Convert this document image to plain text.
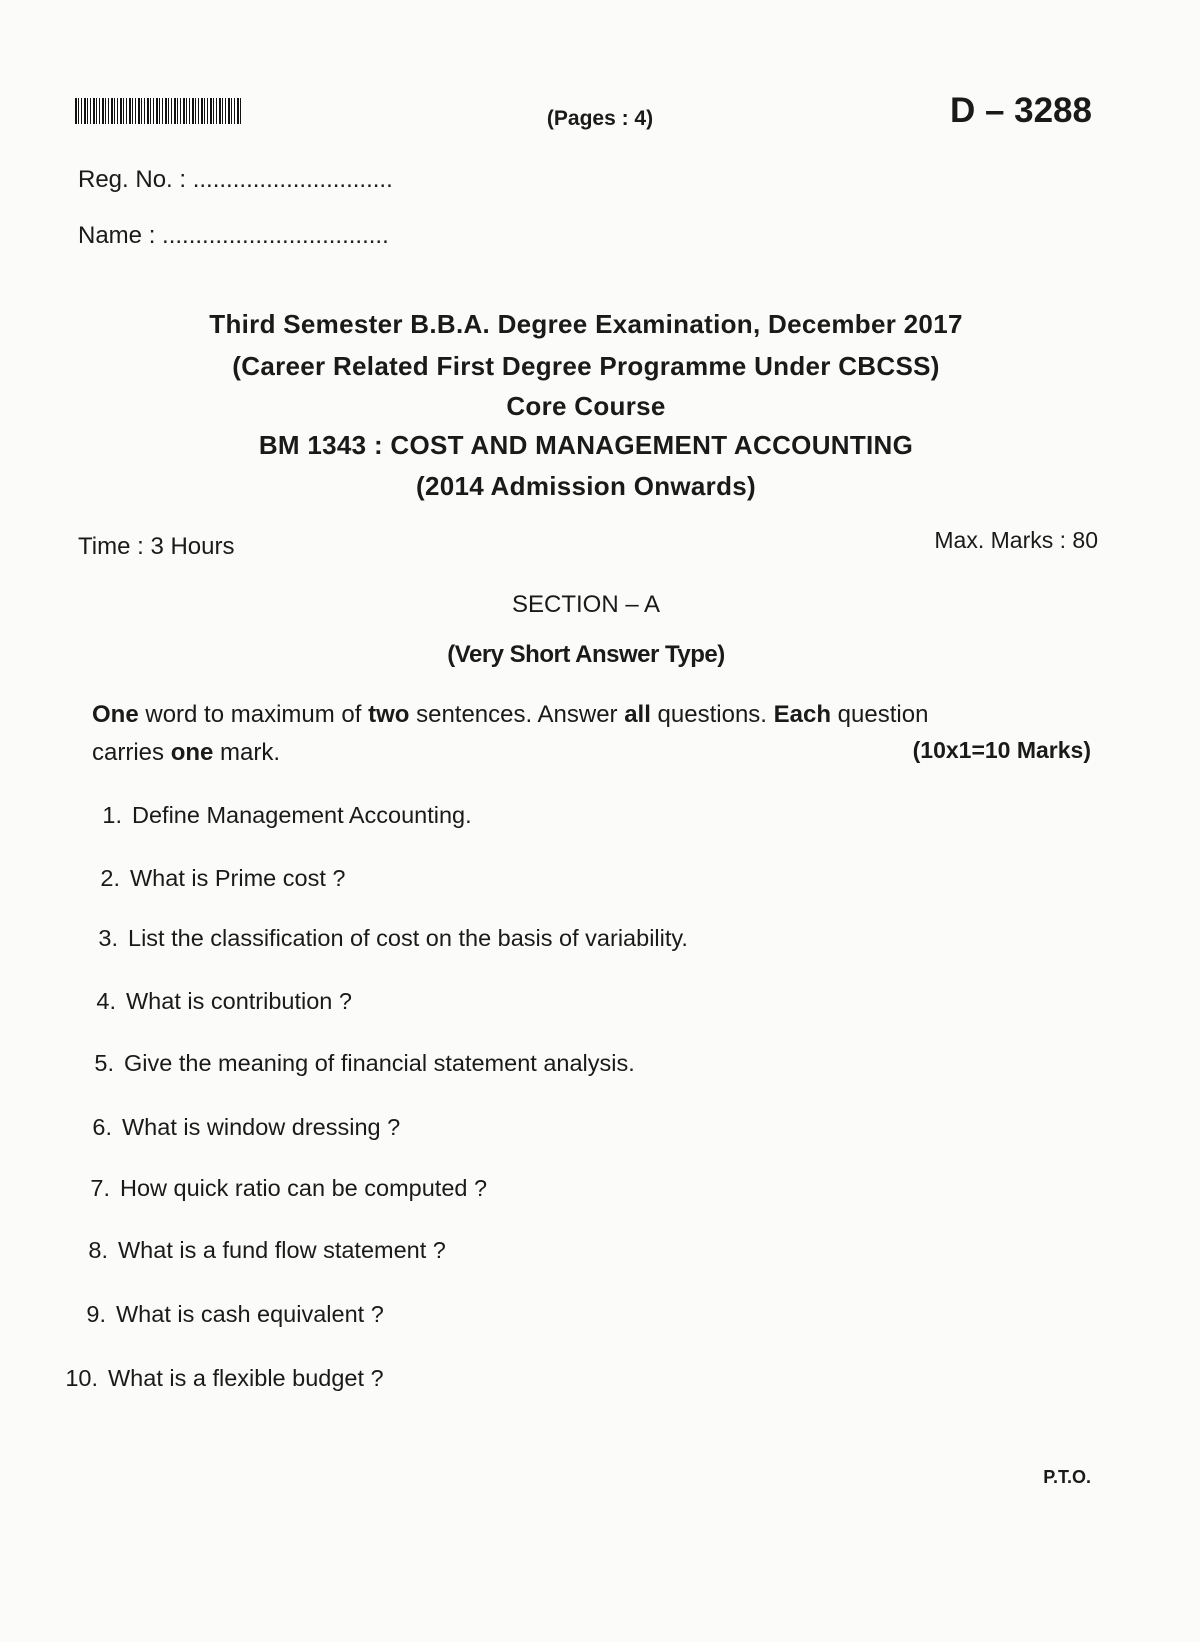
(Pages : 4)	D – 3288
Reg. No. : ..............................
Name : ..................................
Third Semester B.B.A. Degree Examination, December 2017
(Career Related First Degree Programme Under CBCSS)
Core Course
BM 1343 : COST AND MANAGEMENT ACCOUNTING
(2014 Admission Onwards)
Time : 3 Hours	Max. Marks : 80
SECTION – A
(Very Short Answer Type)
One word to maximum of two sentences. Answer all questions. Each question
carries one mark.	(10x1=10 Marks)
1. Define Management Accounting.
2. What is Prime cost ?
3. List the classification of cost on the basis of variability.
4. What is contribution ?
5. Give the meaning of financial statement analysis.
6. What is window dressing ?
7. How quick ratio can be computed ?
8. What is a fund flow statement ?
9. What is cash equivalent ?
10. What is a flexible budget ?
P.T.O.
